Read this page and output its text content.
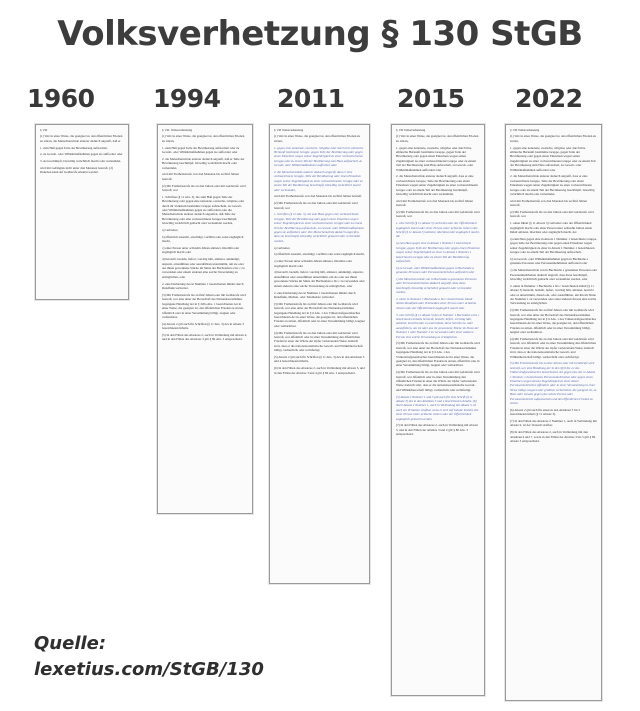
Volksverhetzung § 130 StGB
1960 1994 2011 2015 2022

§ 130

(1) Wer in einer Weise, die geeignet ist, den öffentlichen Frieden zu stören, die Menschenwürde anderer dadurch angreift, daß er

1. zum Haß gegen Teile der Bevölkerung aufstachelt,

2. zu Gewalt- oder Willkürmaßnahmen gegen sie auffordert oder

3. sie beschimpft, böswillig verächtlich macht oder verleumdet,

wird mit Gefängnis nicht unter drei Monaten bestraft. (2) Daneben kann auf Geldstrafe erkannt werden.

§ 130. Volksverhetzung

(1) Wer in einer Weise, die geeignet ist, den öffentlichen Frieden zu stören,

1. zum Haß gegen Teile der Bevölkerung aufstachelt oder zu Gewalt- oder Willkürmaßnahmen gegen sie auffordert oder

2. die Menschenwürde anderer dadurch angreift, daß er Teile der Bevölkerung beschimpft, böswillig verächtlich macht oder verleumdet,

wird mit Freiheitsstrafe von drei Monaten bis zu fünf Jahren bestraft.

(2) Mit Freiheitsstrafe bis zu drei Jahren oder mit Geldstrafe wird bestraft, wer

1. Schriften (§ 11 Abs. 3), die zum Haß gegen Teile der Bevölkerung oder gegen eine nationale, rassische, religiöse oder durch ihr Volkstum bestimmte Gruppe aufstacheln, zu Gewalt- oder Willkürmaßnahmen gegen sie auffordern oder die Menschenwürde anderer dadurch angreifen, daß Teile der Bevölkerung oder eine vorbezeichnete Gruppe beschimpft, böswillig verächtlich gemacht oder verleumdet werden,

a) verbreitet,

b) öffentlich ausstellt, anschlägt, vorführt oder sonst zugänglich macht,

c) einer Person unter achtzehn Jahren anbietet, überläßt oder zugänglich macht oder

d) herstellt, bezieht, liefert, vorrätig hält, anbietet, ankündigt, anpreist, einzuführen oder auszuführen unternimmt, um sie oder aus ihnen gewonnene Stücke im Sinne der Buchstaben a bis c zu verwenden oder einem anderen eine solche Verwendung zu ermöglichen, oder

2. eine Darbietung des in Nummer 1 bezeichneten Inhalts durch Rundfunk verbreitet.

(3) Mit Freiheitsstrafe bis zu fünf Jahren oder mit Geldstrafe wird bestraft, wer eine unter der Herrschaft des Nationalsozialismus begangene Handlung der in § 220a Abs. 1 bezeichneten Art in einer Weise, die geeignet ist, den öffentlichen Frieden zu stören, öffentlich oder in einer Versammlung billigt, leugnet oder verharmlost.

(4) Absatz 2 gilt auch für Schriften (§ 11 Abs. 3) des in Absatz 3 bezeichneten Inhalts.

(5) In den Fällen des Absatzes 2, auch in Verbindung mit Absatz 4, und in den Fällen des Absatzes 3 gilt § 86 Abs. 3 entsprechend.

§ 130 Volksverhetzung

(1) Wer in einer Weise, die geeignet ist, den öffentlichen Frieden zu stören,

1. gegen eine nationale, rassische, religiöse oder durch ihre ethnische Herkunft bestimmte Gruppe, gegen Teile der Bevölkerung oder gegen einen Einzelnen wegen seiner Zugehörigkeit zu einer vorbezeichneten Gruppe oder zu einem Teil der Bevölkerung zum Hass aufstachelt, zu Gewalt- oder Willkürmaßnahmen auffordert oder

2. die Menschenwürde anderer dadurch angreift, dass er eine vorbezeichnete Gruppe, Teile der Bevölkerung oder einen Einzelnen wegen seiner Zugehörigkeit zu einer vorbezeichneten Gruppe oder zu einem Teil der Bevölkerung beschimpft, böswillig verächtlich macht oder verleumdet,

wird mit Freiheitsstrafe von drei Monaten bis zu fünf Jahren bestraft.

(2) Mit Freiheitsstrafe bis zu drei Jahren oder mit Geldstrafe wird bestraft, wer

1. Schriften (§ 11 Abs. 3), die zum Hass gegen eine vorbezeichnete Gruppe, Teile der Bevölkerung oder gegen einen Einzelnen wegen seiner Zugehörigkeit zu einer vorbezeichneten Gruppe oder zu einem Teil der Bevölkerung aufstacheln, zu Gewalt- oder Willkürmaßnahmen gegen sie auffordern oder ihre Menschenwürde dadurch angreifen, dass sie beschimpft, böswillig verächtlich gemacht oder verleumdet werden,

a) verbreitet,

b) öffentlich ausstellt, anschlägt, vorführt oder sonst zugänglich macht,

c) einer Person unter achtzehn Jahren anbietet, überlässt oder zugänglich macht oder

d) herstellt, bezieht, liefert, vorrätig hält, anbietet, ankündigt, anpreist, einzuführen oder auszuführen unternimmt, um sie oder aus ihnen gewonnene Stücke im Sinne der Buchstaben a bis c zu verwenden oder einem anderen eine solche Verwendung zu ermöglichen, oder

2. eine Darbietung des in Nummer 1 bezeichneten Inhalts durch Rundfunk, Medien- oder Teledienste verbreitet.

(3) Mit Freiheitsstrafe bis zu fünf Jahren oder mit Geldstrafe wird bestraft, wer eine unter der Herrschaft des Nationalsozialismus begangene Handlung der in § 6 Abs. 1 des Völkerstrafgesetzbuches bezeichneten Art in einer Weise, die geeignet ist, den öffentlichen Frieden zu stören, öffentlich oder in einer Versammlung billigt, leugnet oder verharmlost.

(4) Mit Freiheitsstrafe bis zu drei Jahren oder mit Geldstrafe wird bestraft, wer öffentlich oder in einer Versammlung den öffentlichen Frieden in einer die Würde der Opfer verletzenden Weise dadurch stört, dass er die nationalsozialistische Gewalt- und Willkürherrschaft billigt, verherrlicht oder rechtfertigt.

(5) Absatz 2 gilt auch für Schriften (§ 11 Abs. 3) des in den Absätzen 3 und 4 bezeichneten Inhalts.

(6) In den Fällen des Absatzes 2, auch in Verbindung mit Absatz 5, und in den Fällen der Absätze 3 und 4 gilt § 86 Abs. 3 entsprechend.

§ 130 Volksverhetzung

(1) Wer in einer Weise, die geeignet ist, den öffentlichen Frieden zu stören,

1. gegen eine nationale, rassische, religiöse oder durch ihre ethnische Herkunft bestimmte Gruppe, gegen Teile der Bevölkerung oder gegen einen Einzelnen wegen seiner Zugehörigkeit zu einer vorbezeichneten Gruppe oder zu einem Teil der Bevölkerung zum Hass aufstachelt, zu Gewalt- oder Willkürmaßnahmen auffordert oder

2. die Menschenwürde anderer dadurch angreift, dass er eine vorbezeichnete Gruppe, Teile der Bevölkerung oder einen Einzelnen wegen seiner Zugehörigkeit zu einer vorbezeichneten Gruppe oder zu einem Teil der Bevölkerung beschimpft, böswillig verächtlich macht oder verleumdet,

wird mit Freiheitsstrafe von drei Monaten bis zu fünf Jahren bestraft.

(2) Mit Freiheitsstrafe bis zu drei Jahren oder mit Geldstrafe wird bestraft, wer

1. eine Schrift (§ 11 Absatz 3) verbreitet oder der Öffentlichkeit zugänglich macht oder einer Person unter achtzehn Jahren eine Schrift (§ 11 Absatz 3) anbietet, überlässt oder zugänglich macht, die

a) zum Hass gegen eine in Absatz 1 Nummer 1 bezeichnete Gruppe, gegen Teile der Bevölkerung oder gegen einen Einzelnen wegen seiner Zugehörigkeit zu einer in Absatz 1 Nummer 1 bezeichneten Gruppe oder zu einem Teil der Bevölkerung aufstachelt,

b) zu Gewalt- oder Willkürmaßnahmen gegen in Buchstabe a genannte Personen oder Personenmehrheiten auffordert oder

c) die Menschenwürde von in Buchstabe a genannten Personen oder Personenmehrheiten dadurch angreift, dass diese beschimpft, böswillig verächtlich gemacht oder verleumdet werden,

2. einen in Nummer 1 Buchstabe a bis c bezeichneten Inhalt mittels Rundfunk oder Telemedien einer Person unter achtzehn Jahren oder der Öffentlichkeit zugänglich macht oder

3. eine Schrift (§ 11 Absatz 3) des in Nummer 1 Buchstabe a bis c bezeichneten Inhalts herstellt, bezieht, liefert, vorrätig hält, anbietet, bewirbt oder es unternimmt, diese Schrift ein- oder auszuführen, um sie oder aus ihr gewonnene Stücke im Sinne der Nummer 1 oder Nummer 2 zu verwenden oder einer anderen Person eine solche Verwendung zu ermöglichen.

(3) Mit Freiheitsstrafe bis zu fünf Jahren oder mit Geldstrafe wird bestraft, wer eine unter der Herrschaft des Nationalsozialismus begangene Handlung der in § 6 Abs. 1 des Völkerstrafgesetzbuches bezeichneten Art in einer Weise, die geeignet ist, den öffentlichen Frieden zu stören, öffentlich oder in einer Versammlung billigt, leugnet oder verharmlost.

(4) Mit Freiheitsstrafe bis zu drei Jahren oder mit Geldstrafe wird bestraft, wer öffentlich oder in einer Versammlung den öffentlichen Frieden in einer die Würde der Opfer verletzenden Weise dadurch stört, dass er die nationalsozialistische Gewalt- und Willkürherrschaft billigt, verherrlicht oder rechtfertigt.

(5) Absatz 2 Nummer 1 und 3 gilt auch für eine Schrift (§ 11 Absatz 3) des in den Absätzen 3 und 4 bezeichneten Inhalts. (6) Nach Absatz 2 Nummer 1, auch in Verbindung mit Absatz 5, ist auch ein Verhalten strafbar, wenn es sich auf Inhalte bezieht, die einer Person unter achtzehn Jahren oder der Öffentlichkeit zugänglich gemacht werden.

(7) In den Fällen des Absatzes 2, auch in Verbindung mit Absatz 5, und in den Fällen der Absätze 3 und 4 gilt § 86 Abs. 3 entsprechend.

§ 130 Volksverhetzung

(1) Wer in einer Weise, die geeignet ist, den öffentlichen Frieden zu stören,

1. gegen eine nationale, rassische, religiöse oder durch ihre ethnische Herkunft bestimmte Gruppe, gegen Teile der Bevölkerung oder gegen einen Einzelnen wegen seiner Zugehörigkeit zu einer vorbezeichneten Gruppe oder zu einem Teil der Bevölkerung zum Hass aufstachelt, zu Gewalt- oder Willkürmaßnahmen auffordert oder

2. die Menschenwürde anderer dadurch angreift, dass er eine vorbezeichnete Gruppe, Teile der Bevölkerung oder einen Einzelnen wegen seiner Zugehörigkeit zu einer vorbezeichneten Gruppe oder zu einem Teil der Bevölkerung beschimpft, böswillig verächtlich macht oder verleumdet,

wird mit Freiheitsstrafe von drei Monaten bis zu fünf Jahren bestraft.

(2) Mit Freiheitsstrafe bis zu drei Jahren oder mit Geldstrafe wird bestraft, wer

1. einen Inhalt (§ 11 Absatz 3) verbreitet oder der Öffentlichkeit zugänglich macht oder einer Person unter achtzehn Jahren einen Inhalt anbietet, überlässt oder zugänglich macht, der

a) zum Hass gegen eine in Absatz 1 Nummer 1 bezeichnete Gruppe, gegen Teile der Bevölkerung oder gegen einen Einzelnen wegen seiner Zugehörigkeit zu einer in Absatz 1 Nummer 1 bezeichneten Gruppe oder zu einem Teil der Bevölkerung aufstachelt,

b) zu Gewalt- oder Willkürmaßnahmen gegen in Buchstabe a genannte Personen oder Personenmehrheiten auffordert oder

c) die Menschenwürde von in Buchstabe a genannten Personen oder Personenmehrheiten dadurch angreift, dass diese beschimpft, böswillig verächtlich gemacht oder verleumdet werden, oder

2. einen in Nummer 1 Buchstabe a bis c bezeichneten Inhalt (§ 11 Absatz 3) herstellt, bezieht, liefert, vorrätig hält, anbietet, bewirbt oder es unternimmt, diesen ein- oder auszuführen, um ihn im Sinne der Nummer 1 zu verwenden oder einer anderen Person eine solche Verwendung zu ermöglichen.

(3) Mit Freiheitsstrafe bis zu fünf Jahren oder mit Geldstrafe wird bestraft, wer eine unter der Herrschaft des Nationalsozialismus begangene Handlung der in § 6 Abs. 1 des Völkerstrafgesetzbuches bezeichneten Art in einer Weise, die geeignet ist, den öffentlichen Frieden zu stören, öffentlich oder in einer Versammlung billigt, leugnet oder verharmlost.

(4) Mit Freiheitsstrafe bis zu drei Jahren oder mit Geldstrafe wird bestraft, wer öffentlich oder in einer Versammlung den öffentlichen Frieden in einer die Würde der Opfer verletzenden Weise dadurch stört, dass er die nationalsozialistische Gewalt- und Willkürherrschaft billigt, verherrlicht oder rechtfertigt.

(5) Mit Freiheitsstrafe bis zu drei Jahren oder mit Geldstrafe wird bestraft, wer eine Handlung der in den §§ 6 bis 12 des Völkerstrafgesetzbuches bezeichneten Art gegen eine der in Absatz 1 Nummer 1 bezeichneten Personenmehrheiten oder gegen einen Einzelnen wegen dessen Zugehörigkeit zu einer dieser Personenmehrheiten öffentlich oder in einer Versammlung in einer Weise billigt, leugnet oder gröblich verharmlost, die geeignet ist, zu Hass oder Gewalt gegen eine solche Person oder Personenmehrheit aufzustacheln und den öffentlichen Frieden zu stören.

(6) Absatz 2 gilt auch für einen in den Absätzen 3 bis 5 bezeichneten Inhalt (§ 11 Absatz 3).

(7) In den Fällen des Absatzes 2 Nummer 1, auch in Verbindung mit Absatz 6, ist der Versuch strafbar.

(8) In den Fällen des Absatzes 2, auch in Verbindung mit den Absätzen 6 und 7, sowie in den Fällen der Absätze 3 bis 5 gilt § 86 Absatz 3 entsprechend.

Quelle:
lexetius.com/StGB/130
